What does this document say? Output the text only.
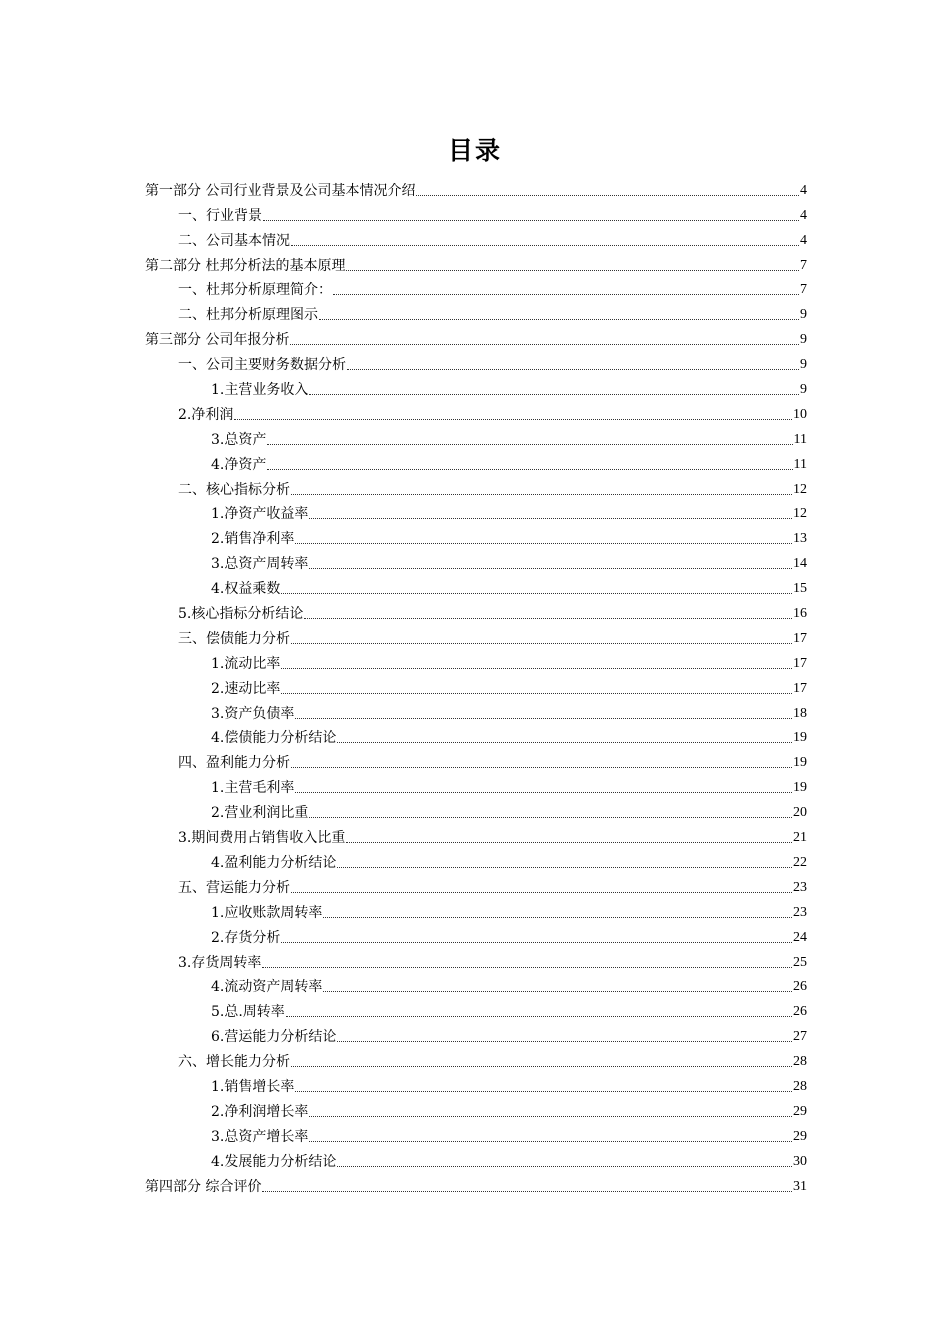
目录
第一部分 公司行业背景及公司基本情况介绍	4
一、行业背景	4
二、公司基本情况	4
第二部分 杜邦分析法的基本原理	7
一、杜邦分析原理简介：	7
二、杜邦分析原理图示	9
第三部分 公司年报分析	9
一、公司主要财务数据分析	9
1.主营业务收入	9
2.净利润	10
3.总资产	11
4.净资产	11
二、核心指标分析	12
1.净资产收益率	12
2.销售净利率	13
3.总资产周转率	14
4.权益乘数	15
5.核心指标分析结论	16
三、偿债能力分析	17
1.流动比率	17
2.速动比率	17
3.资产负债率	18
4.偿债能力分析结论	19
四、盈利能力分析	19
1.主营毛利率	19
2.营业利润比重	20
3.期间费用占销售收入比重	21
4.盈利能力分析结论	22
五、营运能力分析	23
1.应收账款周转率	23
2.存货分析	24
3.存货周转率	25
4.流动资产周转率	26
5.总.周转率	26
6.营运能力分析结论	27
六、增长能力分析	28
1.销售增长率	28
2.净利润增长率	29
3.总资产增长率	29
4.发展能力分析结论	30
第四部分 综合评价	31
